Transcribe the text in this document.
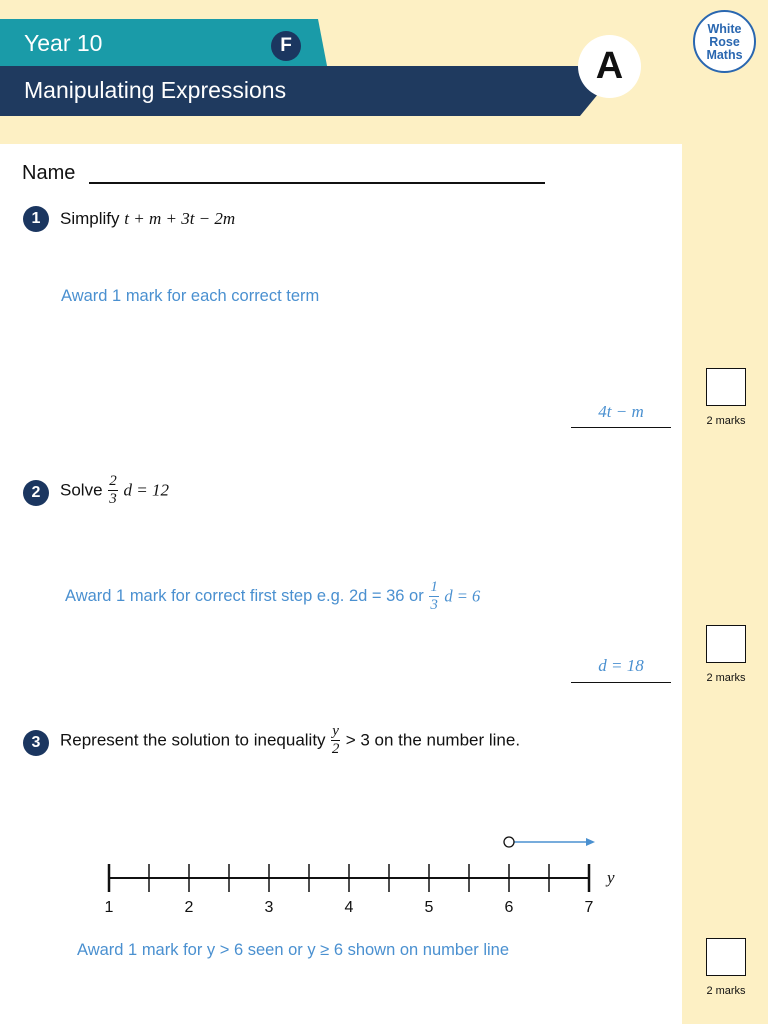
Year 10	F
Manipulating Expressions
A
White
Rose
Maths
Name
1	Simplify t + m + 3t − 2m
Award 1 mark for each correct term
4t − m
2	Solve $\frac{2}{3}$ d = 12
Award 1 mark for correct first step e.g. 2d = 36 or $\frac{1}{3}$ d = 6
d = 18
3	Represent the solution to inequality $\frac{y}{2} > 3$ on the number line.
1	2	3	4	5	6	7
y
Award 1 mark for y > 6 seen or y ≥ 6 shown on number line
2 marks
2 marks
2 marks
